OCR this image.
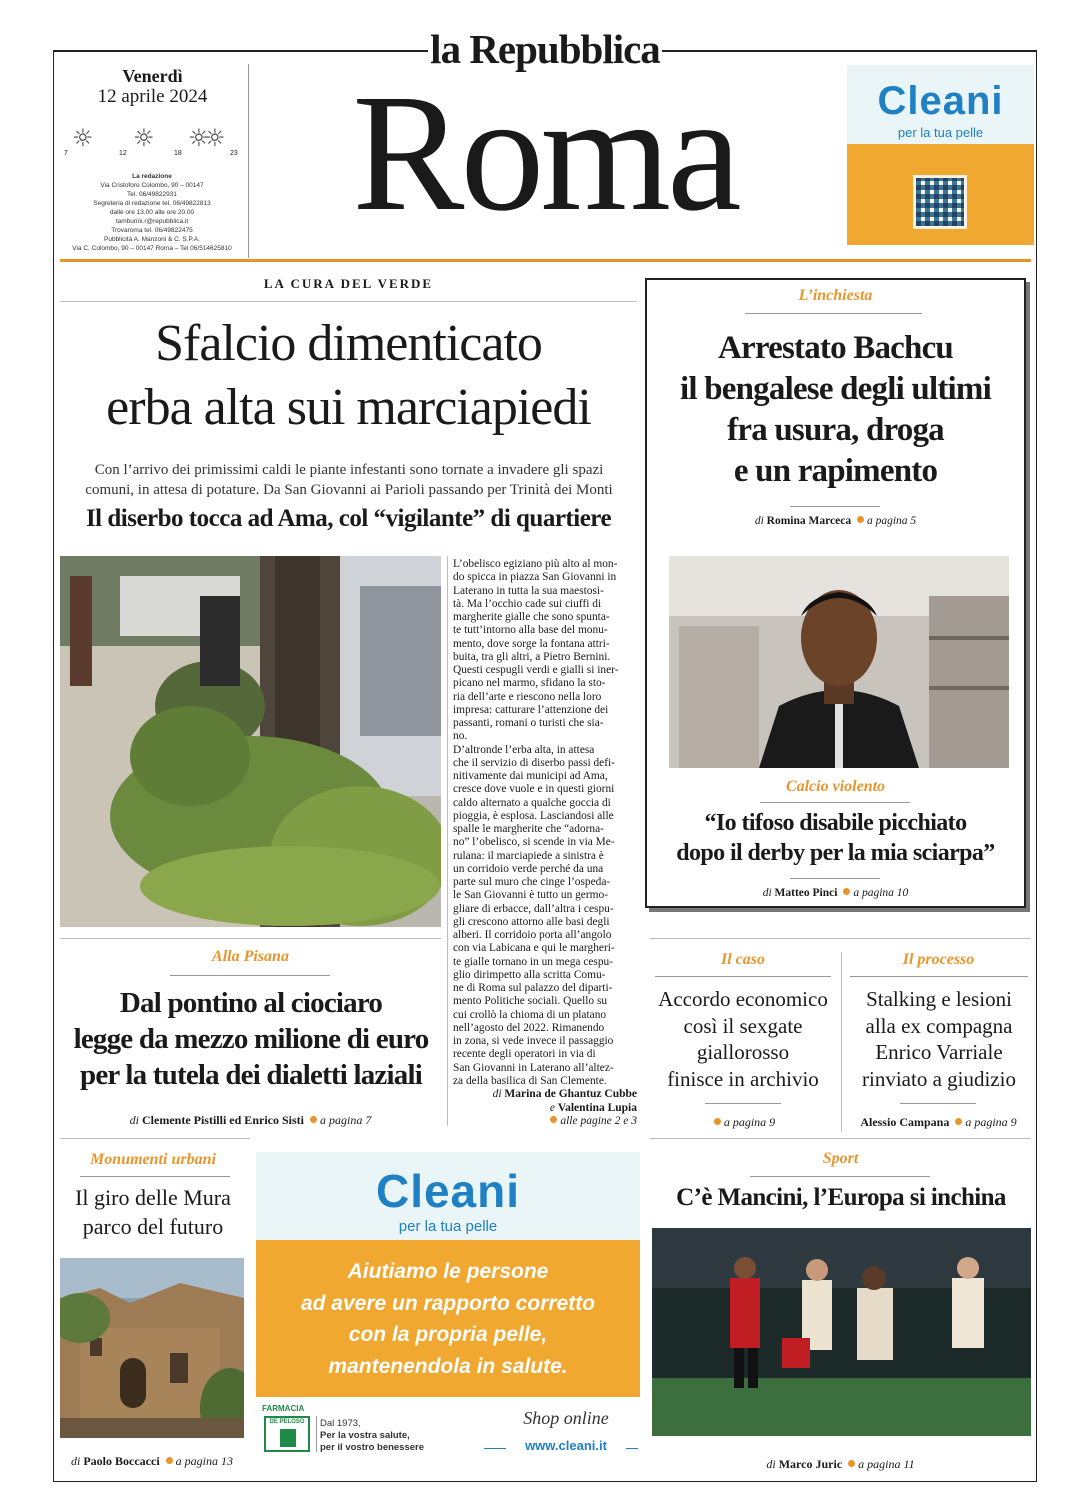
la Repubblica
Roma
Venerdì
12 aprile 2024
☼
7
☼
12
☼
18
☼
23
La redazione
Via Cristoforo Colombo, 90 – 00147
Tel. 06/49822931
Segreteria di redazione tel. 06/49822813
dalle ore 13.00 alle ore 20.00
tamburini.r@repubblica.it
Trovaroma tel. 06/49822475
Pubblicità A. Manzoni & C. S.P.A.
Via C. Colombo, 90 – 00147 Roma – Tel 06/514625810
Cleani
per la tua pelle
LA CURA DEL VERDE
Sfalcio dimenticato
erba alta sui marciapiedi
Con l’arrivo dei primissimi caldi le piante infestanti sono tornate a invadere gli spazi
comuni, in attesa di potature. Da San Giovanni ai Parioli passando per Trinità dei Monti
Il diserbo tocca ad Ama, col “vigilante” di quartiere
L’obelisco egiziano più alto al mon-
do spicca in piazza San Giovanni in
Laterano in tutta la sua maestosi-
tà. Ma l’occhio cade sui ciuffi di
margherite gialle che sono spunta-
te tutt’intorno alla base del monu-
mento, dove sorge la fontana attri-
buita, tra gli altri, a Pietro Bernini.
Questi cespugli verdi e gialli si iner-
picano nel marmo, sfidano la sto-
ria dell’arte e riescono nella loro
impresa: catturare l’attenzione dei
passanti, romani o turisti che sia-
no.
D’altronde l’erba alta, in attesa
che il servizio di diserbo passi defi-
nitivamente dai municipi ad Ama,
cresce dove vuole e in questi giorni
caldo alternato a qualche goccia di
pioggia, è esplosa. Lasciandosi alle
spalle le margherite che “adorna-
no” l’obelisco, si scende in via Me-
rulana: il marciapiede a sinistra è
un corridoio verde perché da una
parte sul muro che cinge l’ospeda-
le San Giovanni è tutto un germo-
gliare di erbacce, dall’altra i cespu-
gli crescono attorno alle basi degli
alberi. Il corridoio porta all’angolo
con via Labicana e qui le margheri-
te gialle tornano in un mega cespu-
glio dirimpetto alla scritta Comu-
ne di Roma sul palazzo del diparti-
mento Politiche sociali. Quello su
cui crollò la chioma di un platano
nell’agosto del 2022. Rimanendo
in zona, si vede invece il passaggio
recente degli operatori in via di
San Giovanni in Laterano all’altez-
za della basilica di San Clemente.
di Marina de Ghantuz Cubbe
e Valentina Lupia
alle pagine 2 e 3
Alla Pisana
Dal pontino al ciociaro
legge da mezzo milione di euro
per la tutela dei dialetti laziali
di Clemente Pistilli ed Enrico Sisti a pagina 7
L’inchiesta
Arrestato Bachcu
il bengalese degli ultimi
fra usura, droga
e un rapimento
di Romina Marceca a pagina 5
Calcio violento
“Io tifoso disabile picchiato
dopo il derby per la mia sciarpa”
di Matteo Pinci a pagina 10
Il caso
Accordo economico
così il sexgate
giallorosso
finisce in archivio
a pagina 9
Il processo
Stalking e lesioni
alla ex compagna
Enrico Varriale
rinviato a giudizio
Alessio Campana a pagina 9
Monumenti urbani
Il giro delle Mura
parco del futuro
di Paolo Boccacci a pagina 13
Cleani
per la tua pelle
Aiutiamo le persone
ad avere un rapporto corretto
con la propria pelle,
mantenendola in salute.
FARMACIA
DE PELOSO	Dal 1973,
Per la vostra salute,
per il vostro benessere
Shop online
www.cleani.it
Sport
C’è Mancini, l’Europa si inchina
di Marco Juric a pagina 11
